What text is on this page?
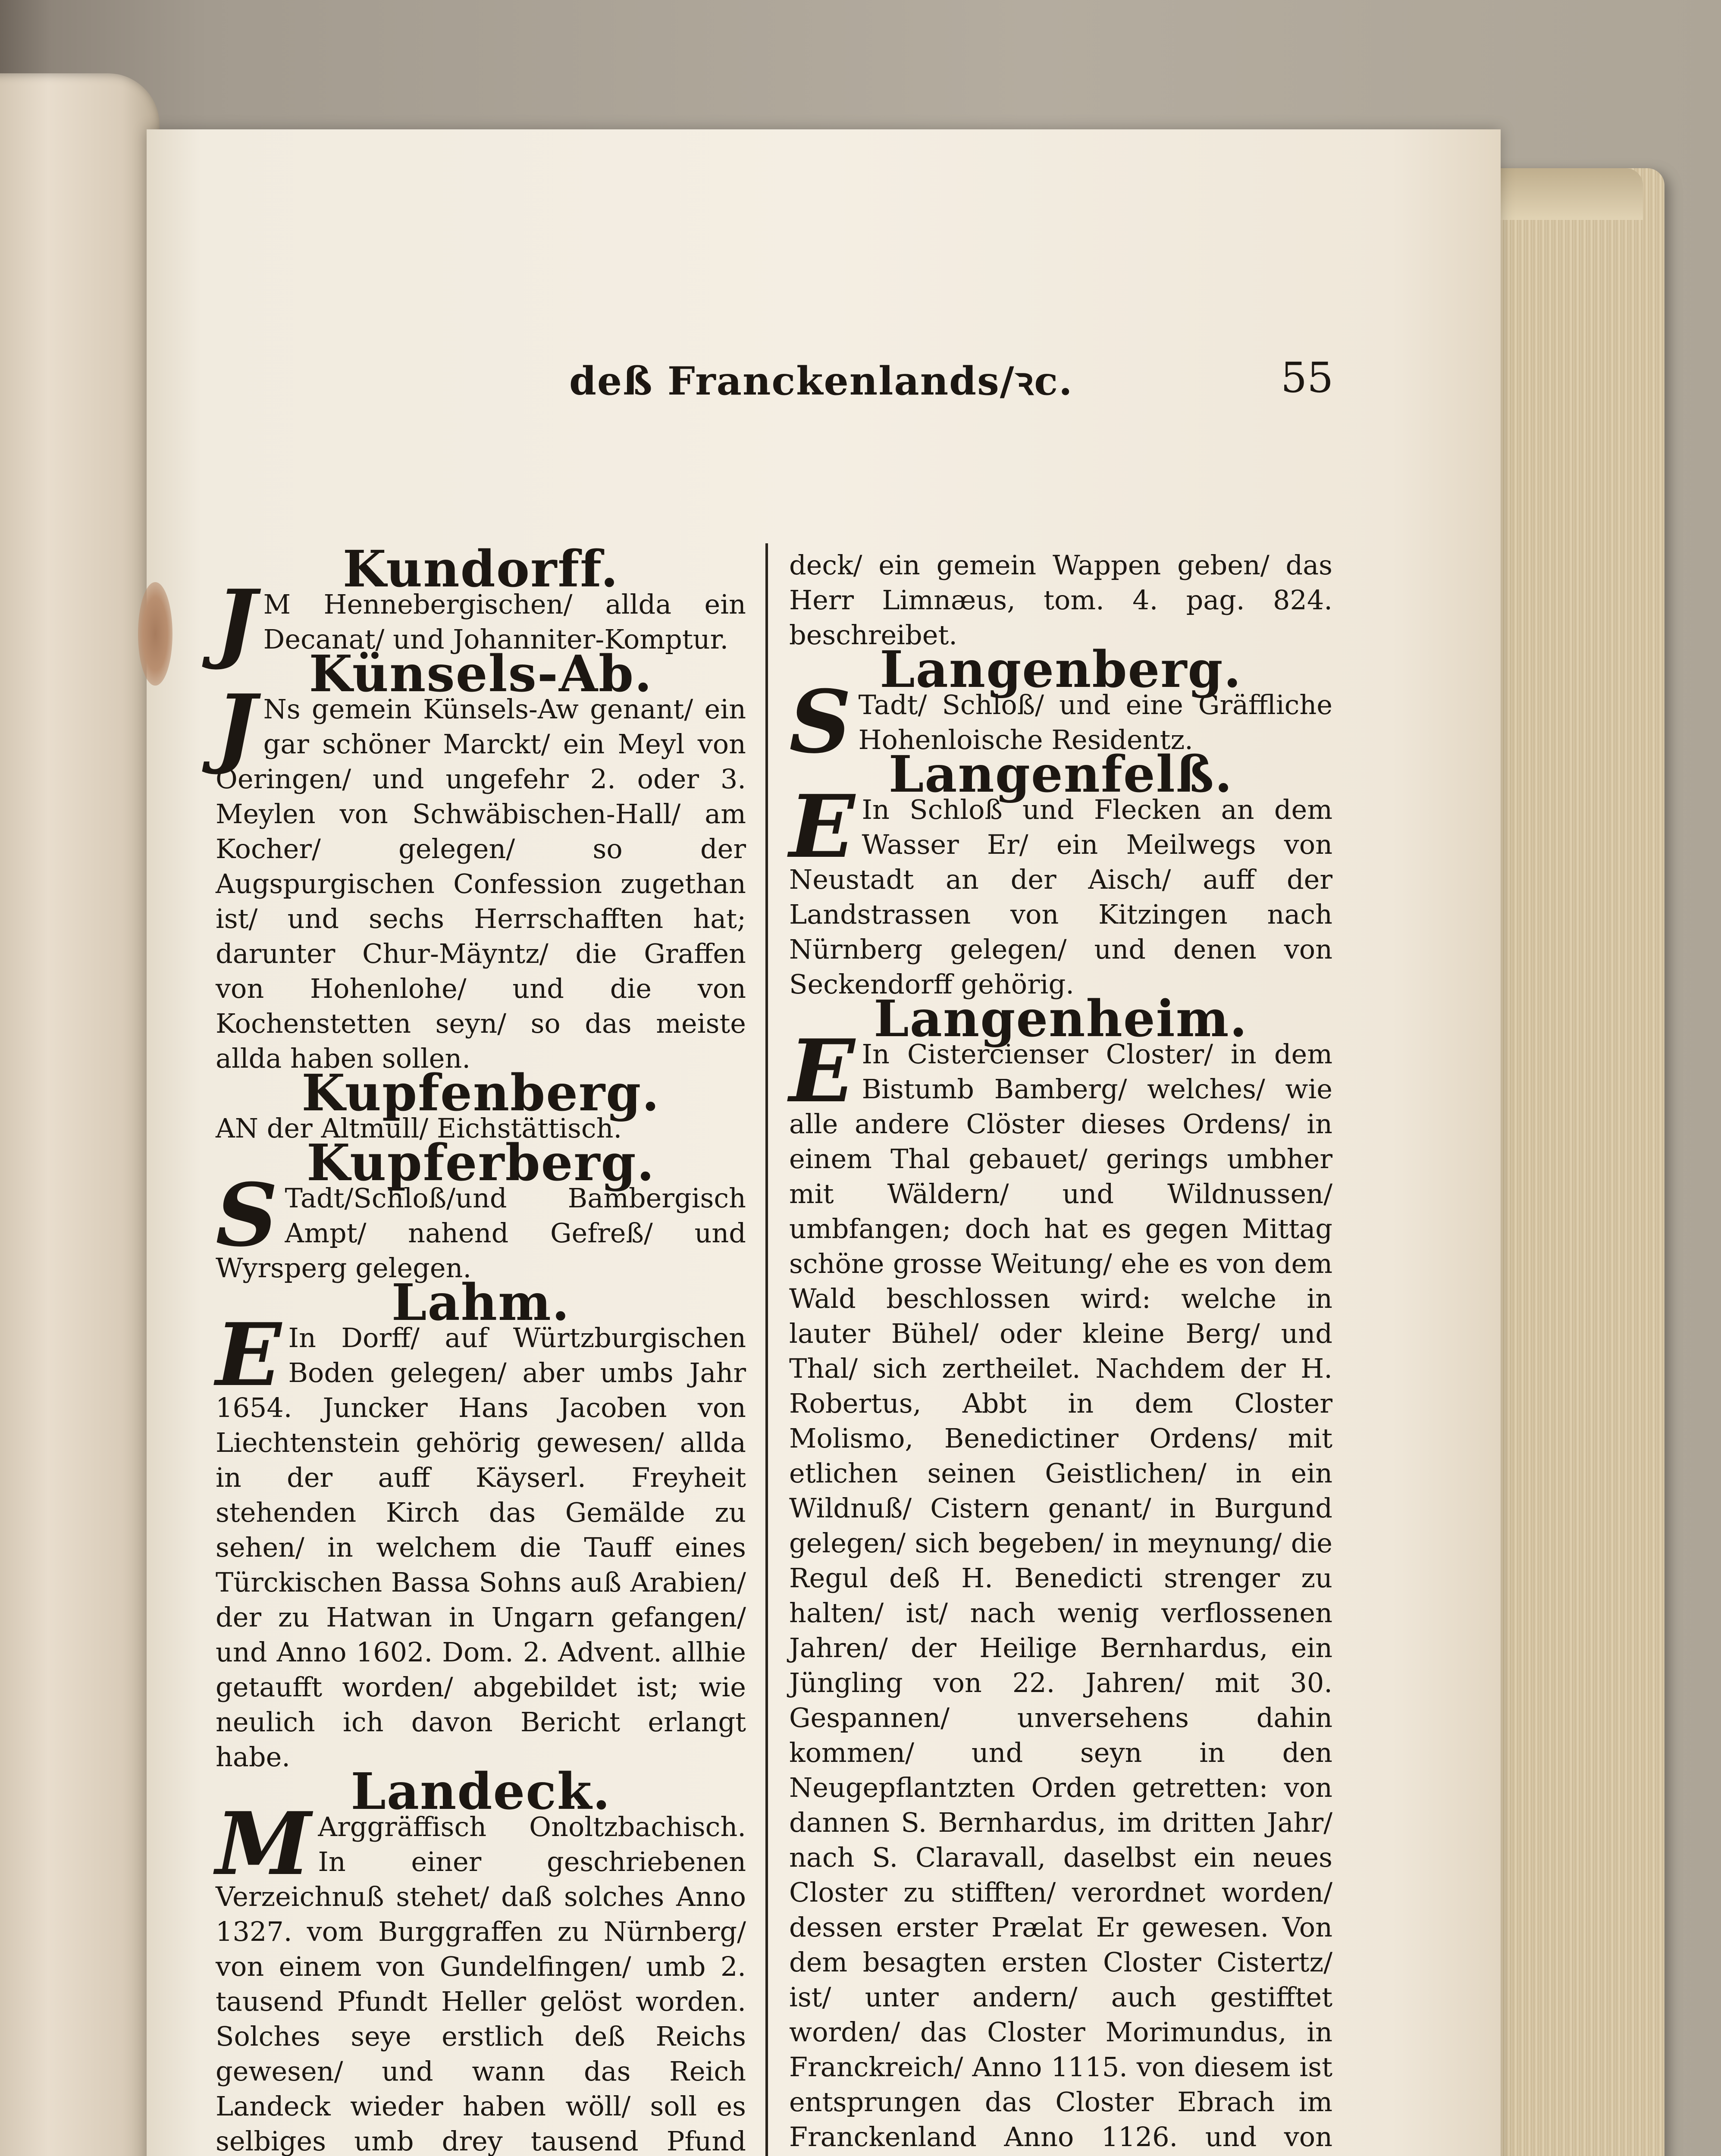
deß Franckenlands/ꝛc.	55
Kundorff.

J M Hennebergischen/ allda ein Decanat/ und Johanniter-Komptur.

Künsels-Ab.

J Ns gemein Künsels-Aw genant/ ein gar schöner Marckt/ ein Meyl von Oeringen/ und ungefehr 2. oder 3. Meylen von Schwäbischen-Hall/ am Kocher/ gelegen/ so der Augspurgischen Confession zugethan ist/ und sechs Herrschafften hat; darunter Chur-Mäyntz/ die Graffen von Hohenlohe/ und die von Kochenstetten seyn/ so das meiste allda haben sollen.

Kupfenberg.

AN der Altmüll/ Eichstättisch.

Kupferberg.

S Tadt/Schloß/und Bambergisch Ampt/ nahend Gefreß/ und Wyrsperg gelegen.

Lahm.

E In Dorff/ auf Würtzburgischen Boden gelegen/ aber umbs Jahr 1654. Juncker Hans Jacoben von Liechtenstein gehörig gewesen/ allda in der auff Käyserl. Freyheit stehenden Kirch das Gemälde zu sehen/ in welchem die Tauff eines Türckischen Bassa Sohns auß Arabien/ der zu Hatwan in Ungarn gefangen/ und Anno 1602. Dom. 2. Advent. allhie getaufft worden/ abgebildet ist; wie neulich ich davon Bericht erlangt habe.

Landeck.

M Arggräffisch Onoltzbachisch. In einer geschriebenen Verzeichnuß stehet/ daß solches Anno 1327. vom Burggraffen zu Nürnberg/ von einem von Gundelfingen/ umb 2. tausend Pfundt Heller gelöst worden. Solches seye erstlich deß Reichs gewesen/ und wann das Reich Landeck wieder haben wöll/ soll es selbiges umb drey tausend Pfund

deck/ ein gemein Wappen geben/ das Herr Limnæus, tom. 4. pag. 824. beschreibet.

Langenberg.

S Tadt/ Schloß/ und eine Gräffliche Hohenloische Residentz.

Langenfelß.

E In Schloß und Flecken an dem Wasser Er/ ein Meilwegs von Neustadt an der Aisch/ auff der Landstrassen von Kitzingen nach Nürnberg gelegen/ und denen von Seckendorff gehörig.

Langenheim.

E In Cistercienser Closter/ in dem Bistumb Bamberg/ welches/ wie alle andere Clöster dieses Ordens/ in einem Thal gebauet/ gerings umbher mit Wäldern/ und Wildnussen/ umbfangen; doch hat es gegen Mittag schöne grosse Weitung/ ehe es von dem Wald beschlossen wird: welche in lauter Bühel/ oder kleine Berg/ und Thal/ sich zertheilet. Nachdem der H. Robertus, Abbt in dem Closter Molismo, Benedictiner Ordens/ mit etlichen seinen Geistlichen/ in ein Wildnuß/ Cistern genant/ in Burgund gelegen/ sich begeben/ in meynung/ die Regul deß H. Benedicti strenger zu halten/ ist/ nach wenig verflossenen Jahren/ der Heilige Bernhardus, ein Jüngling von 22. Jahren/ mit 30. Gespannen/ unversehens dahin kommen/ und seyn in den Neugepflantzten Orden getretten: von dannen S. Bernhardus, im dritten Jahr/ nach S. Claravall, daselbst ein neues Closter zu stifften/ verordnet worden/ dessen erster Prælat Er gewesen. Von dem besagten ersten Closter Cistertz/ ist/ unter andern/ auch gestifftet worden/ das Closter Morimundus, in Franckreich/ Anno 1115. von diesem ist entsprungen das Closter Ebrach im Franckenland Anno 1126. und von
